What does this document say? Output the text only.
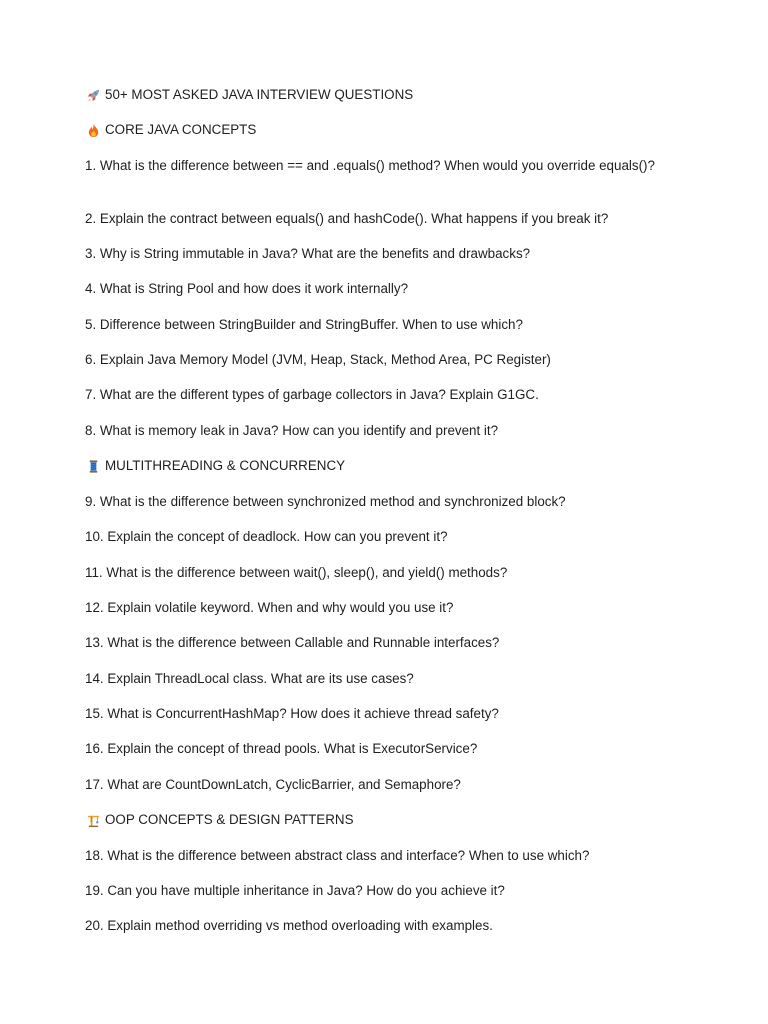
50+ MOST ASKED JAVA INTERVIEW QUESTIONS
CORE JAVA CONCEPTS
1. What is the difference between == and .equals() method? When would you override equals()?
2. Explain the contract between equals() and hashCode(). What happens if you break it?
3. Why is String immutable in Java? What are the benefits and drawbacks?
4. What is String Pool and how does it work internally?
5. Difference between StringBuilder and StringBuffer. When to use which?
6. Explain Java Memory Model (JVM, Heap, Stack, Method Area, PC Register)
7. What are the different types of garbage collectors in Java? Explain G1GC.
8. What is memory leak in Java? How can you identify and prevent it?
MULTITHREADING & CONCURRENCY
9. What is the difference between synchronized method and synchronized block?
10. Explain the concept of deadlock. How can you prevent it?
11. What is the difference between wait(), sleep(), and yield() methods?
12. Explain volatile keyword. When and why would you use it?
13. What is the difference between Callable and Runnable interfaces?
14. Explain ThreadLocal class. What are its use cases?
15. What is ConcurrentHashMap? How does it achieve thread safety?
16. Explain the concept of thread pools. What is ExecutorService?
17. What are CountDownLatch, CyclicBarrier, and Semaphore?
OOP CONCEPTS & DESIGN PATTERNS
18. What is the difference between abstract class and interface? When to use which?
19. Can you have multiple inheritance in Java? How do you achieve it?
20. Explain method overriding vs method overloading with examples.
